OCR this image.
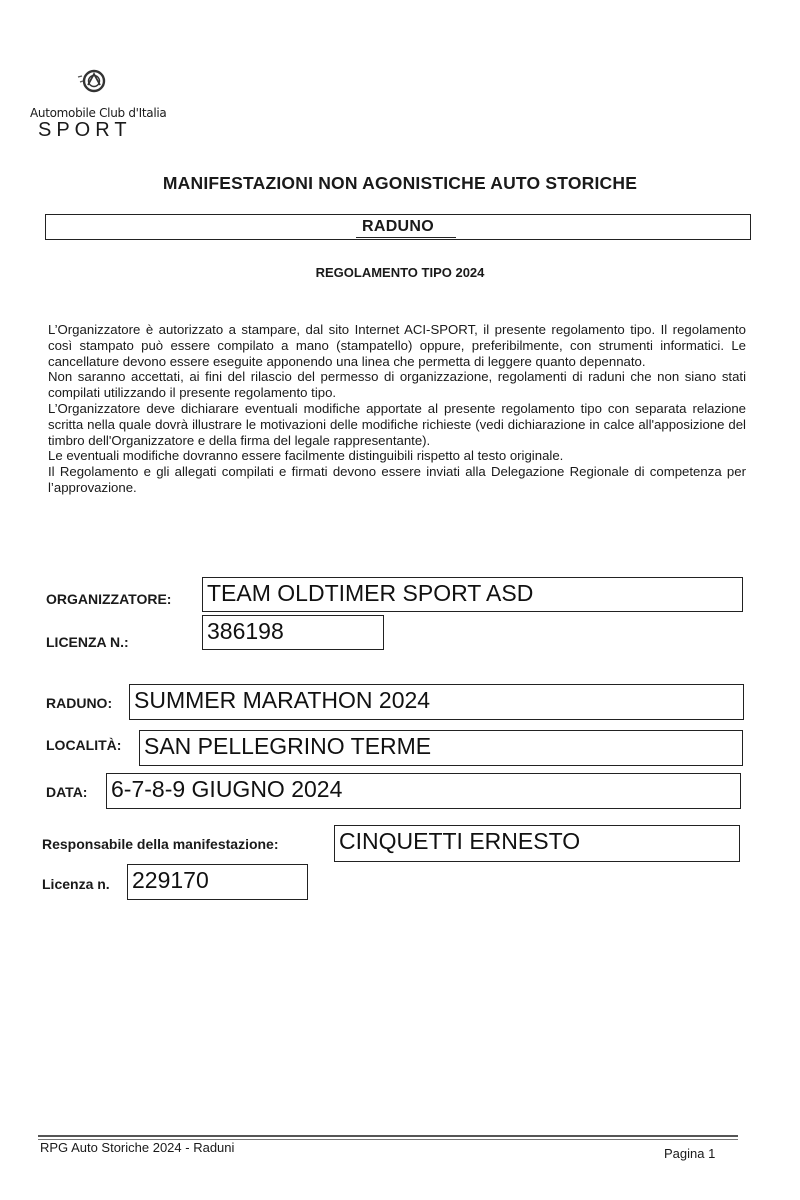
Automobile Club d'Italia
SPORT
MANIFESTAZIONI NON AGONISTICHE AUTO STORICHE
RADUNO
REGOLAMENTO TIPO 2024

L’Organizzatore è autorizzato a stampare, dal sito Internet ACI-SPORT, il presente regolamento tipo. Il regolamento così stampato può essere compilato a mano (stampatello) oppure, preferibilmente, con strumenti informatici. Le cancellature devono essere eseguite apponendo una linea che permetta di leggere quanto depennato.

Non saranno accettati, ai fini del rilascio del permesso di organizzazione, regolamenti di raduni che non siano stati compilati utilizzando il presente regolamento tipo.

L’Organizzatore deve dichiarare eventuali modifiche apportate al presente regolamento tipo con separata relazione scritta nella quale dovrà illustrare le motivazioni delle modifiche richieste (vedi dichiarazione in calce all'apposizione del timbro dell'Organizzatore e della firma del legale rappresentante).

Le eventuali modifiche dovranno essere facilmente distinguibili rispetto al testo originale.

Il Regolamento e gli allegati compilati e firmati devono essere inviati alla Delegazione Regionale di competenza per l’approvazione.

ORGANIZZATORE: TEAM OLDTIMER SPORT ASD
LICENZA N.:	386198
RADUNO: SUMMER MARATHON 2024
LOCALITÀ: SAN PELLEGRINO TERME
DATA: 6-7-8-9 GIUGNO 2024
Responsabile della manifestazione:	CINQUETTI ERNESTO
Licenza n. 229170
RPG Auto Storiche 2024 - Raduni	Pagina 1
